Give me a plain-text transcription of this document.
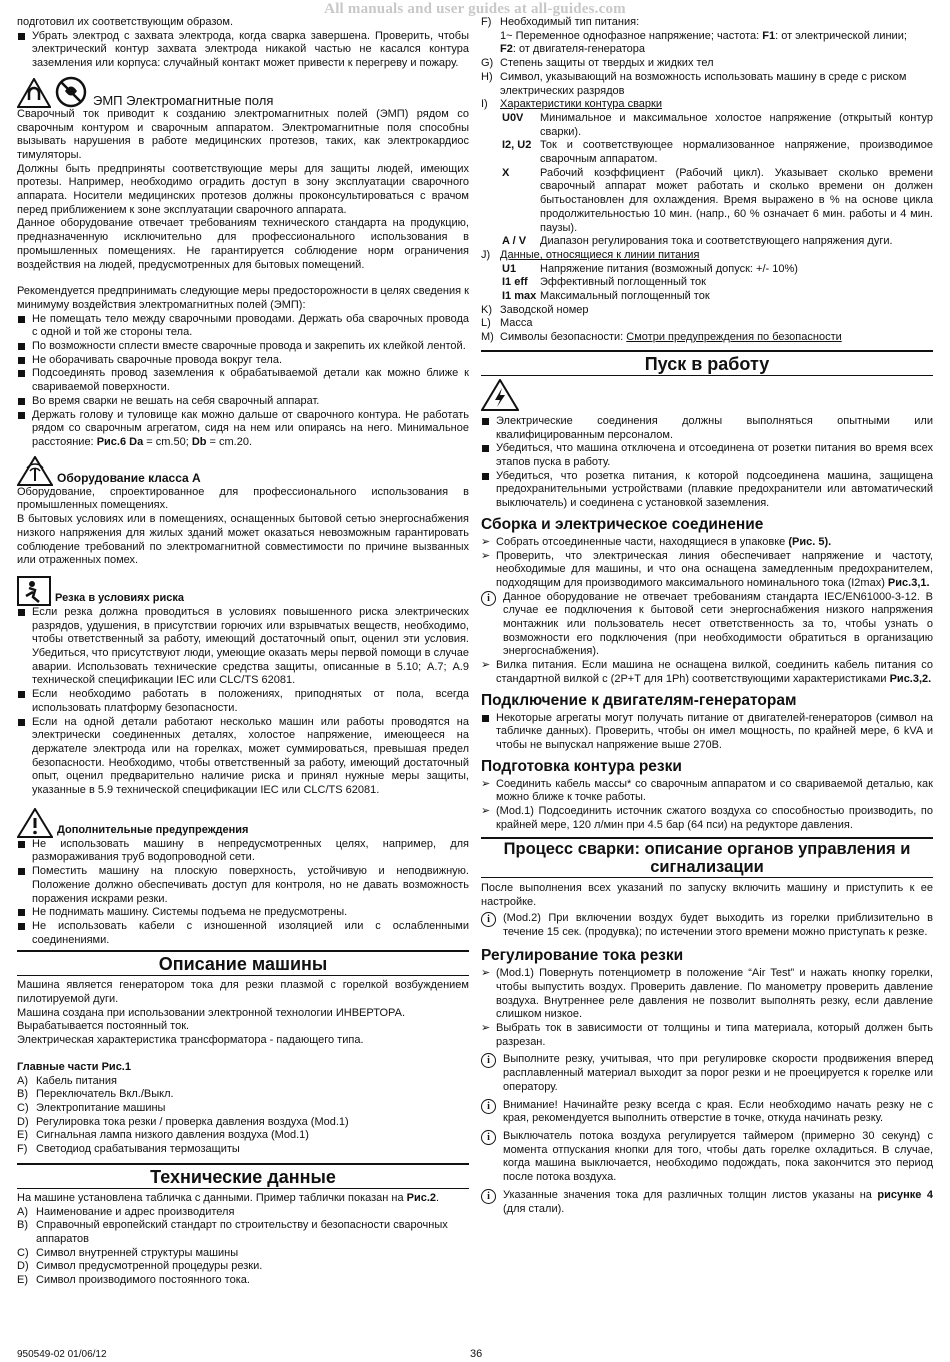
All manuals and user guides at all-guides.com

подготовил их соответствующим образом.

Убрать электрод с захвата электрода, когда сварка завершена. Проверить, чтобы электрический контур захвата электрода никакой частью не касался контура заземления или корпуса: случайный контакт может привести к перегреву и пожару.
ЭМП Электромагнитные поля

Сварочный ток приводит к созданию электромагнитных полей (ЭМП) рядом со сварочным контуром и сварочным аппаратом. Электромагнитные поля способны вызывать нарушения в работе медицинских протезов, таких, как электрокардиос тимуляторы.

Должны быть предприняты соответствующие меры для защиты людей, имеющих протезы. Например, необходимо оградить доступ в зону эксплуатации сварочного аппарата. Носители медицинских протезов должны проконсультироваться с врачом перед приближением к зоне эксплуатации сварочного аппарата.

Данное оборудование отвечает требованиям технического стандарта на продукцию, предназначенную исключительно для профессионального использования в промышленных помещениях. Не гарантируется соблюдение норм ограничения воздействия на людей, предусмотренных для бытовых помещений.

Рекомендуется предпринимать следующие меры предосторожности в целях сведения к минимуму воздействия электромагнитных полей (ЭМП):

Не помещать тело между сварочными проводами. Держать оба сварочных провода с одной и той же стороны тела.
По возможности сплести вместе сварочные провода и закрепить их клейкой лентой.
Не оборачивать сварочные провода вокруг тела.
Подсоединять провод заземления к обрабатываемой детали как можно ближе к свариваемой поверхности.
Во время сварки не вешать на себя сварочный аппарат.
Держать голову и туловище как можно дальше от сварочного контура. Не работать рядом со сварочным агрегатом, сидя на нем или опираясь на него. Минимальное расстояние: Рис.6 Da = cm.50; Db = cm.20.
Оборудование класса А

Оборудование, спроектированное для профессионального использования в промышленных помещениях.

В бытовых условиях или в помещениях, оснащенных бытовой сетью энергоснабжения низкого напряжения для жилых зданий может оказаться невозможным гарантировать соблюдение требований по электромагнитной совместимости по причине вызванных или отраженных помех.

Резка в условиях риска
Если резка должна проводиться в условиях повышенного риска электрических разрядов, удушения, в присутствии горючих или взрывчатых веществ, необходимо, чтобы ответственный за работу, имеющий достаточный опыт, оценил эти условия. Убедиться, что присутствуют люди, умеющие оказать меры первой помощи в случае аварии. Использовать технические средства защиты, описанные в 5.10; А.7; А.9 технической спецификации IEC или CLC/TS 62081.
Если необходимо работать в положениях, приподнятых от пола, всегда использовать платформу безопасности.
Если на одной детали работают несколько машин или работы проводятся на электрически соединенных деталях, холостое напряжение, имеющееся на держателе электрода или на горелках, может суммироваться, превышая предел безопасности. Необходимо, чтобы ответственный за работу, имеющий достаточный опыт, оценил предварительно наличие риска и принял нужные меры защиты, указанные в 5.9 технической спецификации IEC или CLC/TS 62081.
Дополнительные предупреждения
Не использовать машину в непредусмотренных целях, например, для размораживания труб водопроводной сети.
Поместить машину на плоскую поверхность, устойчивую и неподвижную. Положение должно обеспечивать доступ для контроля, но не давать возможность поражения искрами резки.
Не поднимать машину. Системы подъема не предусмотрены.
Не использовать кабели с изношенной изоляцией или с ослабленными соединениями.
Описание машины

Машина является генератором тока для резки плазмой с горелкой возбуждением пилотируемой дуги.

Машина создана при использовании электронной технологии ИНВЕРТОРА.

Вырабатывается постоянный ток.

Электрическая характеристика трансформатора - падающего типа.

Главные части Рис.1

A) Кабель питания
B) Переключатель Вкл./Выкл.
C) Электропитание машины
D) Регулировка тока резки / проверка давления воздуха (Mod.1)
E) Сигнальная лампа низкого давления воздуха (Mod.1)
F) Светодиод срабатывания термозащиты
Технические данные

На машине установлена табличка с данными. Пример таблички показан на Рис.2.

A) Наименование и адрес производителя
B) Справочный европейский стандарт по строительству и безопасности сварочных аппаратов
C) Символ внутренней структуры машины
D) Символ предусмотренной процедуры резки.
E) Символ производимого постоянного тока.
F) Необходимый тип питания:
1~ Переменное однофазное напряжение; частота: F1: от электрической линии;
F2: от двигателя-генератора
G) Степень защиты от твердых и жидких тел
H) Символ, указывающий на возможность использовать машину в среде с риском электрических разрядов
I) Характеристики контура сварки
U0V	Минимальное и максимальное холостое напряжение (открытый контур сварки).
I2, U2 Ток и соответствующее нормализованное напряжение, производимое сварочным аппаратом.
X	Рабочий коэффициент (Рабочий цикл). Указывает сколько времени сварочный аппарат может работать и сколько времени он должен бытьостановлен для охлаждения. Время выражено в % на основе цикла продолжительностью 10 мин. (напр., 60 % означает 6 мин. работы и 4 мин. паузы).
A / V	Диапазон регулирования тока и соответствующего напряжения дуги.
J) Данные, относящиеся к линии питания
U1	Напряжение питания (возможный допуск: +/- 10%)
I1 eff	Эффективный поглощенный ток
I1 max Максимальный поглощенный ток
K) Заводской номер
L) Масса
M) Символы безопасности: Смотри предупреждения по безопасности
Пуск в работу
Электрические соединения должны выполняться опытными или квалифицированным персоналом.
Убедиться, что машина отключена и отсоединена от розетки питания во время всех этапов пуска в работу.
Убедиться, что розетка питания, к которой подсоединена машина, защищена предохранительными устройствами (плавкие предохранители или автоматический выключатель) и соединена с установкой заземления.
Сборка и электрическое соединение
➢ Собрать отсоединенные части, находящиеся в упаковке (Рис. 5).
➢ Проверить, что электрическая линия обеспечивает напряжение и частоту, необходимые для машины, и что она оснащена замедленным предохранителем, подходящим для производимого максимального номинального тока (I2max) Рис.3,1.
i	Данное оборудование не отвечает требованиям стандарта IEC/EN61000-3-12. В случае ее подключения к бытовой сети энергоснабжения низкого напряжения монтажник или пользователь несет ответственность за то, чтобы узнать о возможности его подключения (при необходимости обратиться в организацию энергоснабжения).
➢ Вилка питания. Если машина не оснащена вилкой, соединить кабель питания со стандартной вилкой с (2Р+Т для 1Ph) соответствующими характеристиками Рис.3,2.
Подключение к двигателям-генераторам
Некоторые агрегаты могут получать питание от двигателей-генераторов (символ на табличке данных). Проверить, чтобы он имел мощность, по крайней мере, 6 kVA и чтобы не выпускал напряжение выше 270В.
Подготовка контура резки
➢ Соединить кабель массы* со сварочным аппаратом и со свариваемой деталью, как можно ближе к точке работы.
➢ (Mod.1) Подсоединить источник сжатого воздуха со способностью производить, по крайней мере, 120 л/мин при 4.5 бар (64 пси) на редукторе давления.
Процесс сварки: описание органов управления и сигнализации

После выполнения всех указаний по запуску включить машину и приступить к ее настройке.

i	(Mod.2) При включении воздух будет выходить из горелки приблизительно в течение 15 сек. (продувка); по истечении этого времени можно приступать к резке.
Регулирование тока резки
➢ (Mod.1) Повернуть потенциометр в положение “Air Test” и нажать кнопку горелки, чтобы выпустить воздух. Проверить давление. По манометру проверить давление воздуха. Внутреннее реле давления не позволит выполнять резку, если давление слишком низкое.
➢ Выбрать ток в зависимости от толщины и типа материала, который должен быть разрезан.
i	Выполните резку, учитывая, что при регулировке скорости продвижения вперед расплавленный материал выходит за порог резки и не проецируется к горелке или оператору.
i	Внимание! Начинайте резку всегда с края. Если необходимо начать резку не с края, рекомендуется выполнить отверстие в точке, откуда начинать резку.
i	Выключатель потока воздуха регулируется таймером (примерно 30 секунд) с момента отпускания кнопки для того, чтобы дать горелке охладиться. В случае, когда машина выключается, необходимо подождать, пока закончится это период после потока воздуха.
i	Указанные значения тока для различных толщин листов указаны на рисунке 4 (для стали).
950549-02 01/06/12	36
